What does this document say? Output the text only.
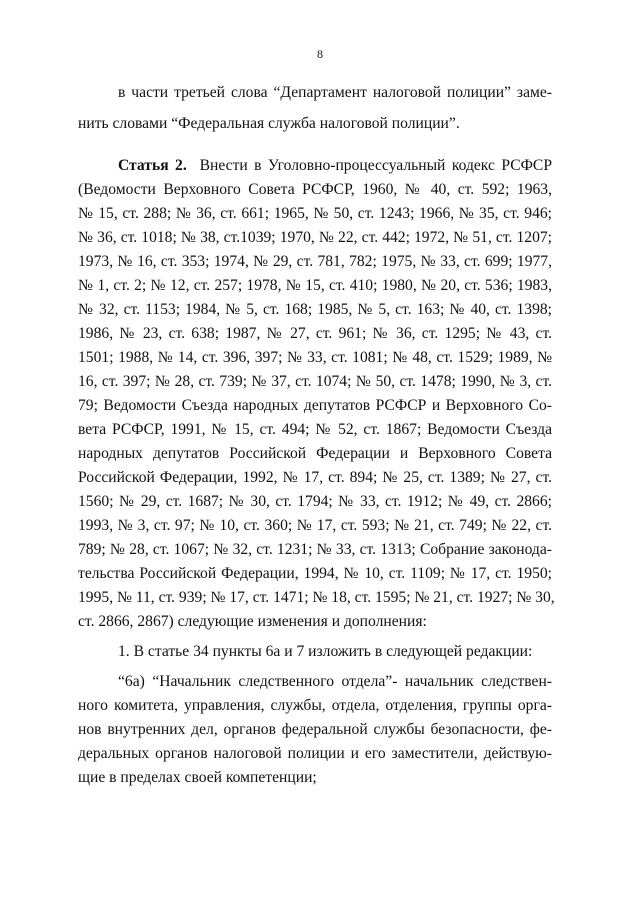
8
в части третьей слова “Департамент налоговой полиции” заме-
нить словами “Федеральная служба налоговой полиции”.
Статья 2. Внести в Уголовно-процессуальный кодекс РСФСР
(Ведомости Верховного Совета РСФСР, 1960, № 40, ст. 592; 1963,
№ 15, ст. 288; № 36, ст. 661; 1965, № 50, ст. 1243; 1966, № 35, ст. 946;
№ 36, ст. 1018; № 38, ст.1039; 1970, № 22, ст. 442; 1972, № 51, ст. 1207;
1973, № 16, ст. 353; 1974, № 29, ст. 781, 782; 1975, № 33, ст. 699; 1977,
№ 1, ст. 2; № 12, ст. 257; 1978, № 15, ст. 410; 1980, № 20, ст. 536; 1983,
№ 32, ст. 1153; 1984, № 5, ст. 168; 1985, № 5, ст. 163; № 40, ст. 1398;
1986, № 23, ст. 638; 1987, № 27, ст. 961; № 36, ст. 1295; № 43, ст.
1501; 1988, № 14, ст. 396, 397; № 33, ст. 1081; № 48, ст. 1529; 1989, №
16, ст. 397; № 28, ст. 739; № 37, ст. 1074; № 50, ст. 1478; 1990, № 3, ст.
79; Ведомости Съезда народных депутатов РСФСР и Верховного Со-
вета РСФСР, 1991, № 15, ст. 494; № 52, ст. 1867; Ведомости Съезда
народных депутатов Российской Федерации и Верховного Совета
Российской Федерации, 1992, № 17, ст. 894; № 25, ст. 1389; № 27, ст.
1560; № 29, ст. 1687; № 30, ст. 1794; № 33, ст. 1912; № 49, ст. 2866;
1993, № 3, ст. 97; № 10, ст. 360; № 17, ст. 593; № 21, ст. 749; № 22, ст.
789; № 28, ст. 1067; № 32, ст. 1231; № 33, ст. 1313; Собрание законода-
тельства Российской Федерации, 1994, № 10, ст. 1109; № 17, ст. 1950;
1995, № 11, ст. 939; № 17, ст. 1471; № 18, ст. 1595; № 21, ст. 1927; № 30,
ст. 2866, 2867) следующие изменения и дополнения:
1. В статье 34 пункты 6а и 7 изложить в следующей редакции:
“6а) “Начальник следственного отдела”- начальник следствен-
ного комитета, управления, службы, отдела, отделения, группы орга-
нов внутренних дел, органов федеральной службы безопасности, фе-
деральных органов налоговой полиции и его заместители, действую-
щие в пределах своей компетенции;
